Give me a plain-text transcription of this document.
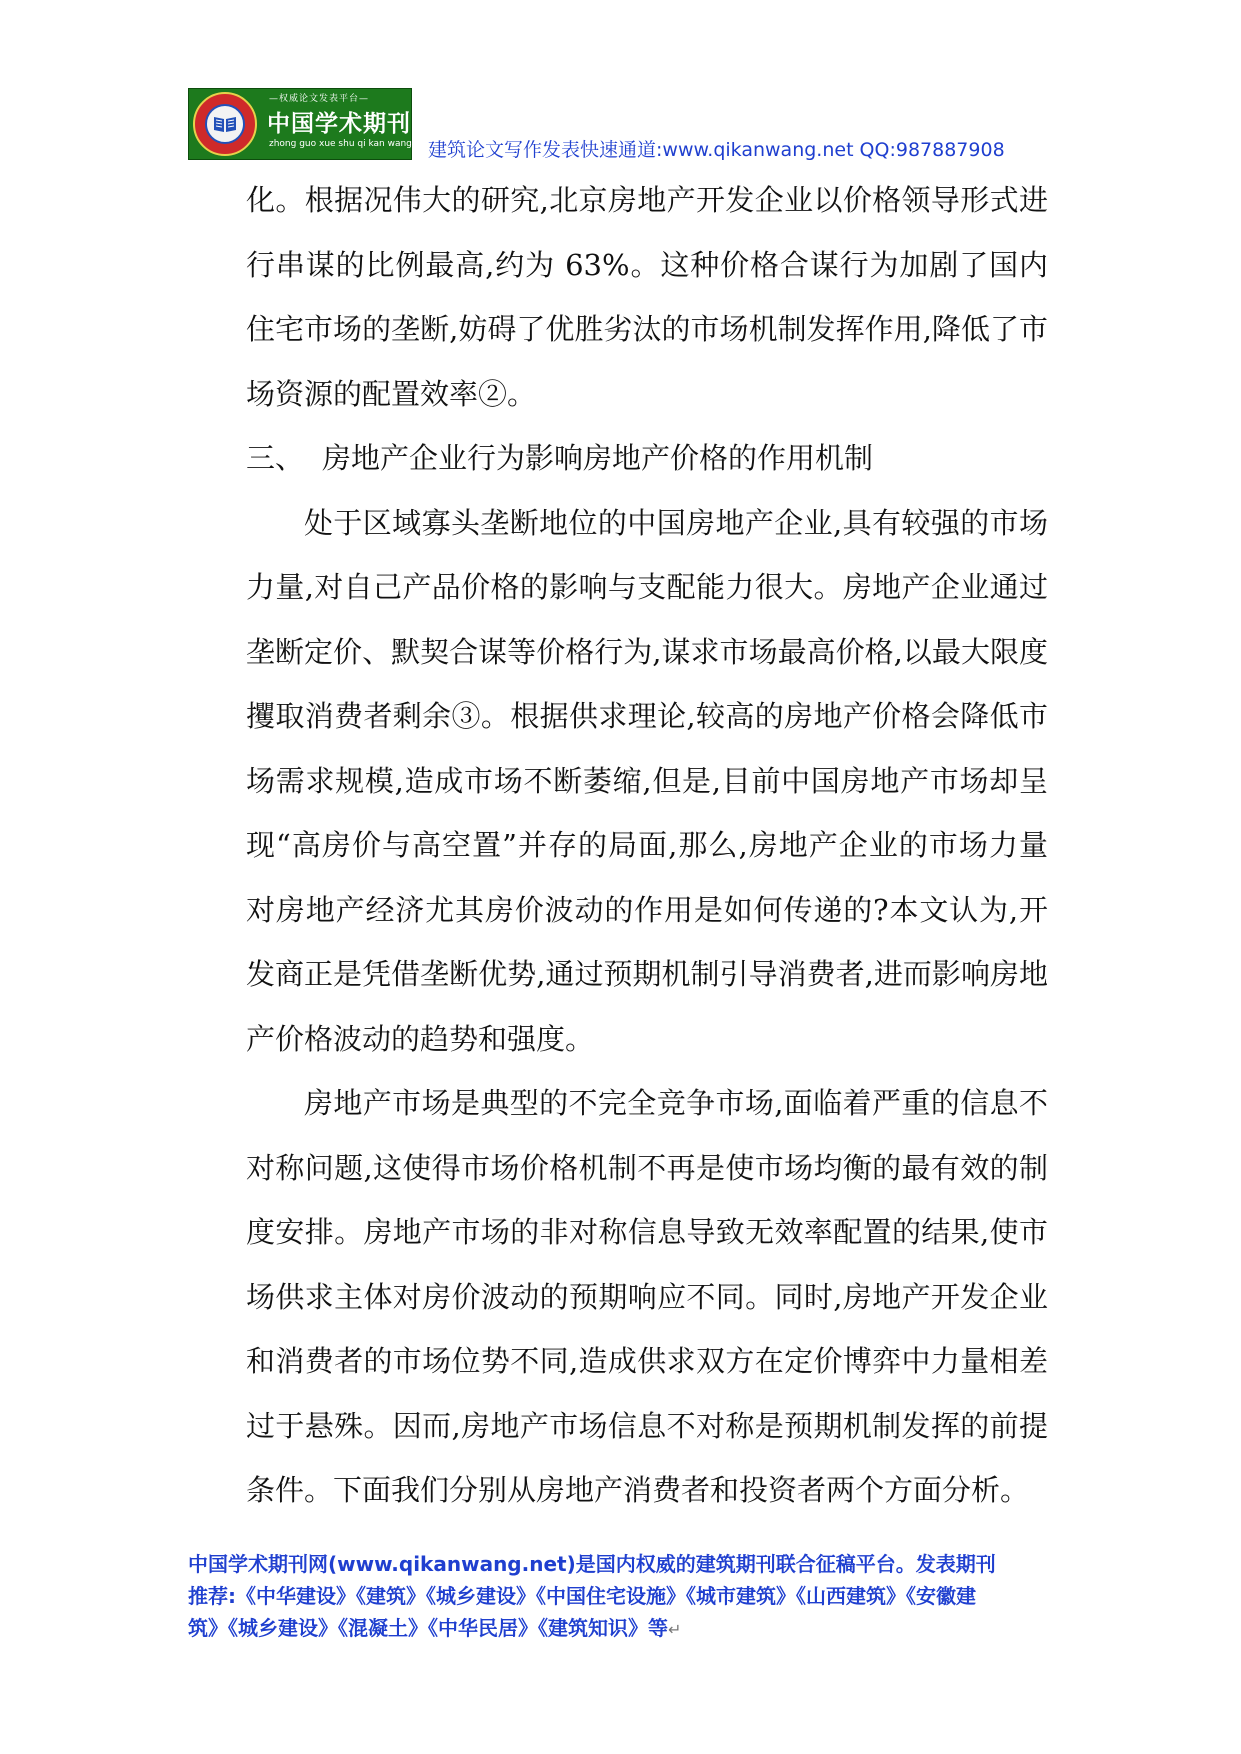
—权威论文发表平台—
中国学术期刊网
zhong guo xue shu qi kan wang 建筑论文写作发表快速通道:www.qikanwang.net QQ:987887908

化。根据况伟大的研究,北京房地产开发企业以价格领导形式进行串谋的比例最高,约为 63%。这种价格合谋行为加剧了国内住宅市场的垄断,妨碍了优胜劣汰的市场机制发挥作用,降低了市场资源的配置效率②。

三、 房地产企业行为影响房地产价格的作用机制

处于区域寡头垄断地位的中国房地产企业,具有较强的市场力量,对自己产品价格的影响与支配能力很大。房地产企业通过垄断定价、默契合谋等价格行为,谋求市场最高价格,以最大限度攫取消费者剩余③。根据供求理论,较高的房地产价格会降低市场需求规模,造成市场不断萎缩,但是,目前中国房地产市场却呈现“高房价与高空置”并存的局面,那么,房地产企业的市场力量对房地产经济尤其房价波动的作用是如何传递的?本文认为,开发商正是凭借垄断优势,通过预期机制引导消费者,进而影响房地产价格波动的趋势和强度。

房地产市场是典型的不完全竞争市场,面临着严重的信息不对称问题,这使得市场价格机制不再是使市场均衡的最有效的制度安排。房地产市场的非对称信息导致无效率配置的结果,使市场供求主体对房价波动的预期响应不同。同时,房地产开发企业和消费者的市场位势不同,造成供求双方在定价博弈中力量相差过于悬殊。因而,房地产市场信息不对称是预期机制发挥的前提条件。下面我们分别从房地产消费者和投资者两个方面分析。

中国学术期刊网(www.qikanwang.net)是国内权威的建筑期刊联合征稿平台。发表期刊

推荐:《中华建设》《建筑》《城乡建设》《中国住宅设施》《城市建筑》《山西建筑》《安徽建

筑》《城乡建设》《混凝土》《中华民居》《建筑知识》等↵
